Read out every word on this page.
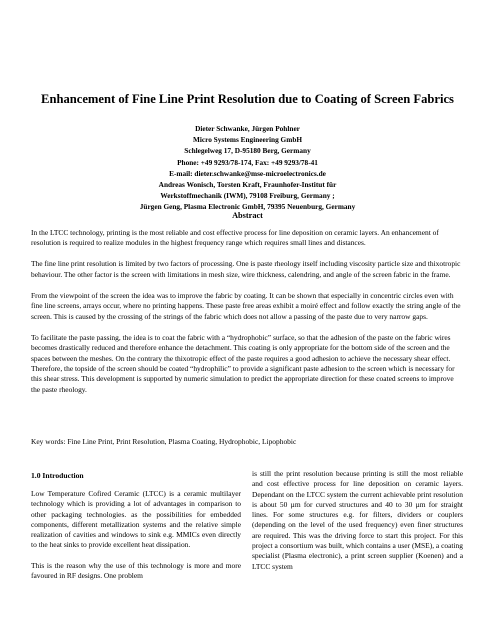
Enhancement of Fine Line Print Resolution due to Coating of Screen Fabrics
Dieter Schwanke, Jürgen Pohlner
Micro Systems Engineering GmbH
Schlegelweg 17, D-95180 Berg, Germany
Phone: +49 9293/78-174, Fax: +49 9293/78-41
E-mail: dieter.schwanke@mse-microelectronics.de
Andreas Wonisch, Torsten Kraft, Fraunhofer-Institut für
Werkstoffmechanik (IWM), 79108 Freiburg, Germany ;
Jürgen Geng, Plasma Electronic GmbH, 79395 Neuenburg, Germany
Abstract

In the LTCC technology, printing is the most reliable and cost effective process for line deposition on ceramic layers. An enhancement of resolution is required to realize modules in the highest frequency range which requires small lines and distances.

The fine line print resolution is limited by two factors of processing. One is paste rheology itself including viscosity particle size and thixotropic behaviour. The other factor is the screen with limitations in mesh size, wire thickness, calendring, and angle of the screen fabric in the frame.

From the viewpoint of the screen the idea was to improve the fabric by coating. It can be shown that especially in concentric circles even with fine line screens, arrays occur, where no printing happens. These paste free areas exhibit a moiré effect and follow exactly the string angle of the screen. This is caused by the crossing of the strings of the fabric which does not allow a passing of the paste due to very narrow gaps.

To facilitate the paste passing, the idea is to coat the fabric with a “hydrophobic” surface, so that the adhesion of the paste on the fabric wires becomes drastically reduced and therefore enhance the detachment. This coating is only appropriate for the bottom side of the screen and the spaces between the meshes. On the contrary the thixotropic effect of the paste requires a good adhesion to achieve the necessary shear effect. Therefore, the topside of the screen should be coated “hydrophilic” to provide a significant paste adhesion to the screen which is necessary for this shear stress. This development is supported by numeric simulation to predict the appropriate direction for these coated screens to improve the paste rheology.

Key words: Fine Line Print, Print Resolution, Plasma Coating, Hydrophobic, Lipophobic
1.0 Introduction

Low Temperature Cofired Ceramic (LTCC) is a ceramic multilayer technology which is providing a lot of advantages in comparison to other packaging technologies. as the possibilities for embedded components, different metallization systems and the relative simple realization of cavities and windows to sink e.g. MMICs even directly to the heat sinks to provide excellent heat dissipation.

This is the reason why the use of this technology is more and more favoured in RF designs. One problem

is still the print resolution because printing is still the most reliable and cost effective process for line deposition on ceramic layers. Dependant on the LTCC system the current achievable print resolution is about 50 µm for curved structures and 40 to 30 µm for straight lines. For some structures e.g. for filters, dividers or couplers (depending on the level of the used frequency) even finer structures are required. This was the driving force to start this project. For this project a consortium was built, which contains a user (MSE), a coating specialist (Plasma electronic), a print screen supplier (Koenen) and a LTCC system
